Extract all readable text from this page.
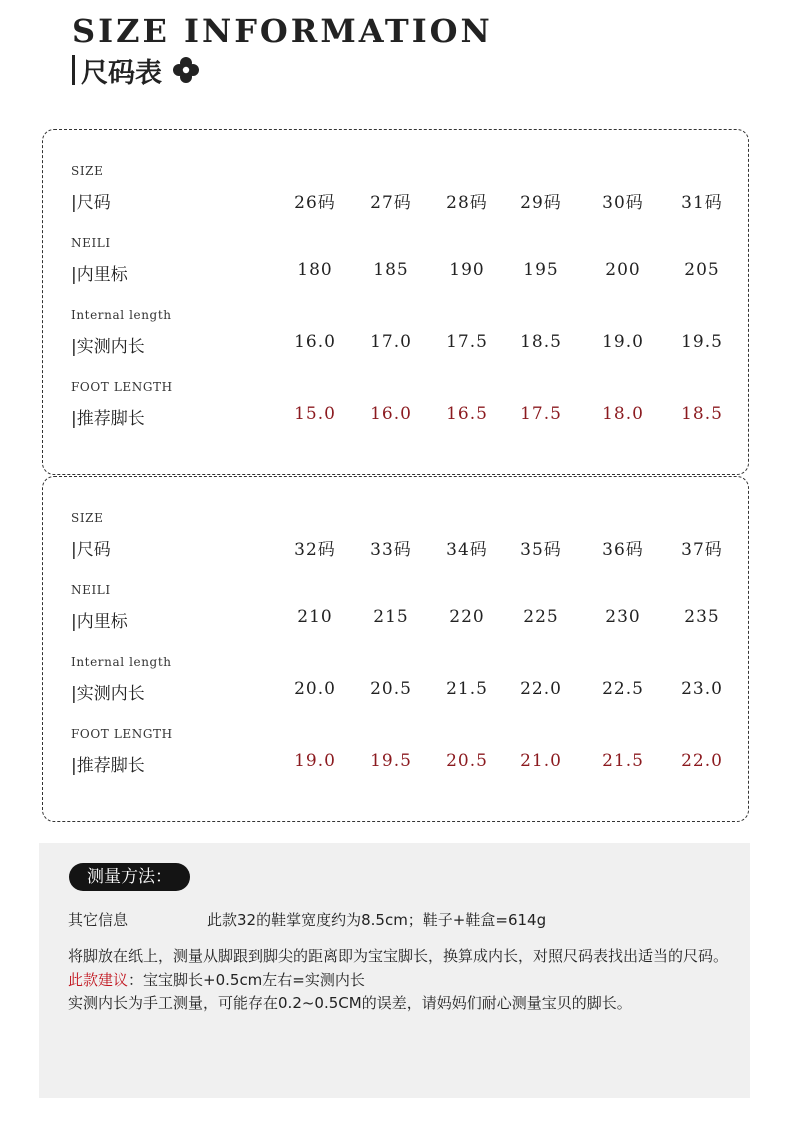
SIZE INFORMATION
尺码表
SIZE
|尺码	26码	27码	28码	29码	30码	31码
NEILI
|内里标	180	185	190	195	200	205
Internal length
|实测内长	16.0	17.0	17.5	18.5	19.0	19.5
FOOT LENGTH
|推荐脚长	15.0	16.0	16.5	17.5	18.0	18.5
SIZE
|尺码	32码	33码	34码	35码	36码	37码
NEILI
|内里标	210	215	220	225	230	235
Internal length
|实测内长	20.0	20.5	21.5	22.0	22.5	23.0
FOOT LENGTH
|推荐脚长	19.0	19.5	20.5	21.0	21.5	22.0
测量方法：
其它信息	此款32的鞋掌宽度约为8.5cm；鞋子+鞋盒=614g
将脚放在纸上，测量从脚跟到脚尖的距离即为宝宝脚长，换算成内长，对照尺码表找出适当的尺码。
此款建议：宝宝脚长+0.5cm左右=实测内长
实测内长为手工测量，可能存在0.2~0.5CM的误差，请妈妈们耐心测量宝贝的脚长。
